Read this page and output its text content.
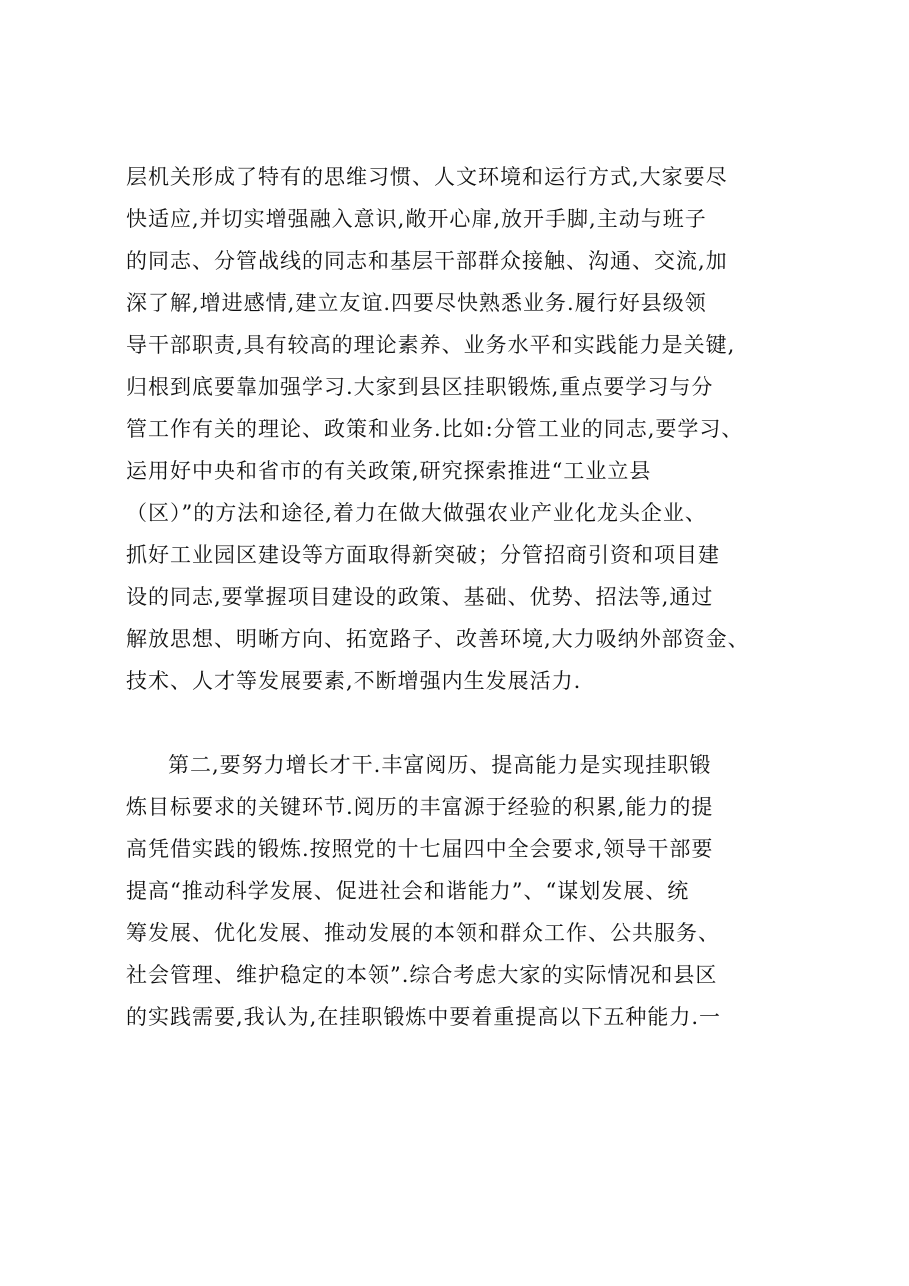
层机关形成了特有的思维习惯、人文环境和运行方式,大家要尽
快适应,并切实增强融入意识,敞开心扉,放开手脚,主动与班子
的同志、分管战线的同志和基层干部群众接触、沟通、交流,加
深了解,增进感情,建立友谊.四要尽快熟悉业务.履行好县级领
导干部职责,具有较高的理论素养、业务水平和实践能力是关键,
归根到底要靠加强学习.大家到县区挂职锻炼,重点要学习与分
管工作有关的理论、政策和业务.比如:分管工业的同志,要学习、
运用好中央和省市的有关政策,研究探索推进“工业立县
（区）”的方法和途径,着力在做大做强农业产业化龙头企业、
抓好工业园区建设等方面取得新突破；分管招商引资和项目建
设的同志,要掌握项目建设的政策、基础、优势、招法等,通过
解放思想、明晰方向、拓宽路子、改善环境,大力吸纳外部资金、
技术、人才等发展要素,不断增强内生发展活力.
第二,要努力增长才干.丰富阅历、提高能力是实现挂职锻
炼目标要求的关键环节.阅历的丰富源于经验的积累,能力的提
高凭借实践的锻炼.按照党的十七届四中全会要求,领导干部要
提高“推动科学发展、促进社会和谐能力”、“谋划发展、统
筹发展、优化发展、推动发展的本领和群众工作、公共服务、
社会管理、维护稳定的本领”.综合考虑大家的实际情况和县区
的实践需要,我认为,在挂职锻炼中要着重提高以下五种能力.一
